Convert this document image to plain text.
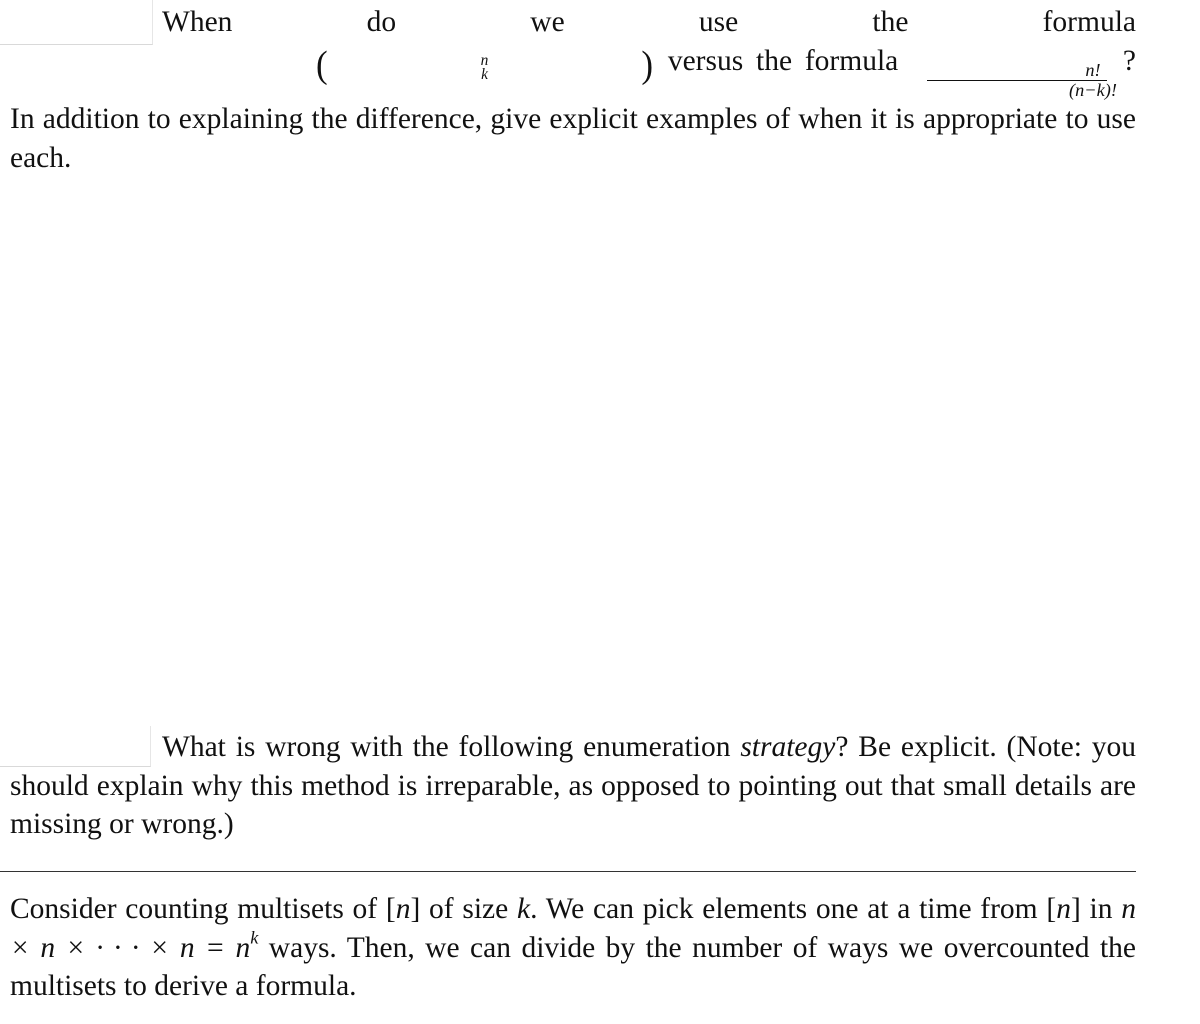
When do we use the formula (	n
k	) versus the formula
$\frac{n!}{(n-k)!}$
? In addition to explaining the difference, give explicit examples of when it is appropriate to use each.

What is wrong with the following enumeration strategy? Be explicit. (Note: you should explain why this method is irreparable, as opposed to pointing out that small details are missing or wrong.)

Consider counting multisets of [n] of size k. We can pick elements one at a time from [n] in n × n × · · · × $n = n^k$ ways. Then, we can divide by the number of ways we overcounted the multisets to derive a formula.
